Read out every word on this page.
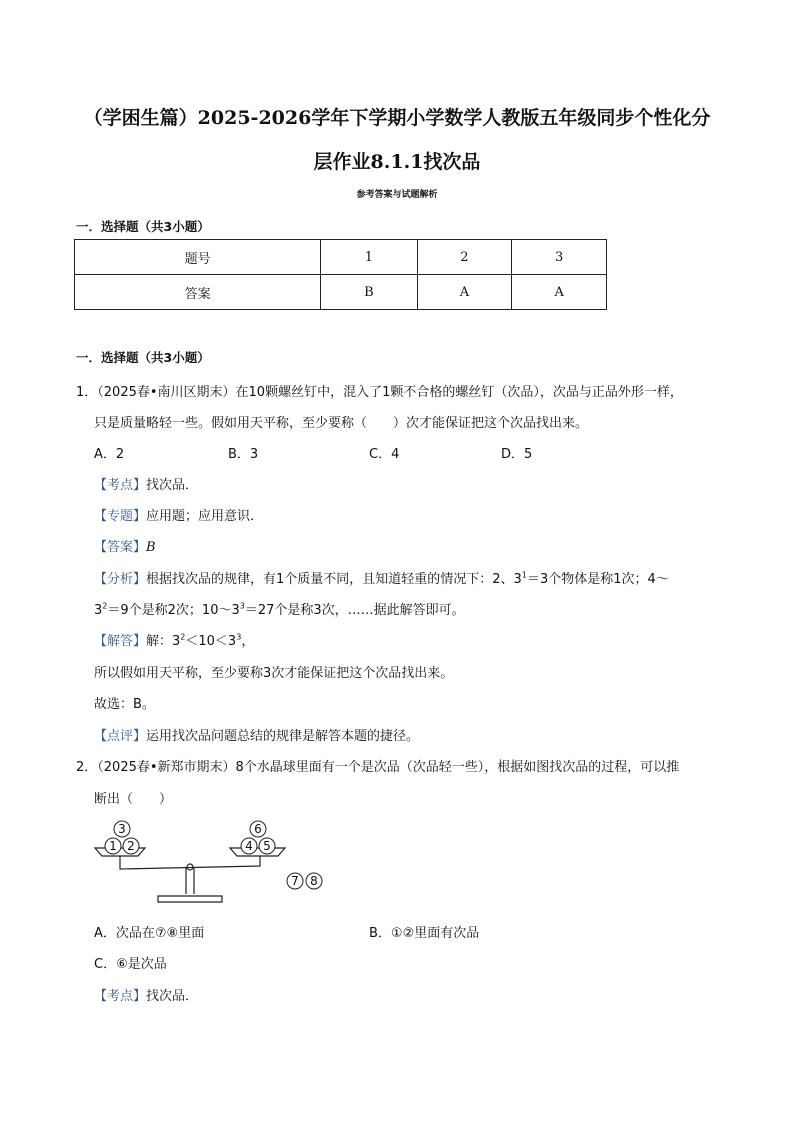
（学困生篇）2025-2026学年下学期小学数学人教版五年级同步个性化分
层作业8.1.1找次品
参考答案与试题解析
一．选择题（共3小题）
题号	1	2	3
答案	B	A	A
一．选择题（共3小题）
1．（2025春•南川区期末）在10颗螺丝钉中，混入了1颗不合格的螺丝钉（次品），次品与正品外形一样，
只是质量略轻一些。假如用天平称，至少要称（　　）次才能保证把这个次品找出来。
A．2	B．3	C．4	D．5
【考点】找次品．
【专题】应用题；应用意识．
【答案】B
【分析】根据找次品的规律，有1个质量不同，且知道轻重的情况下：2、$3^1=3$个物体是称1次；4～
$3^2=9$个是称2次；$10\sim 3^3=27$个是称3次，……据此解答即可。
【解答】解：$3^2<10<3^3$，
所以假如用天平称，至少要称3次才能保证把这个次品找出来。
故选：B。
【点评】运用找次品问题总结的规律是解答本题的捷径。
2．（2025春•新郑市期末）8个水晶球里面有一个是次品（次品轻一些），根据如图找次品的过程，可以推
断出（　　）
3
1 2
6
4 5
7 8
A．次品在⑦⑧里面	B．①②里面有次品
C．⑥是次品
【考点】找次品．
